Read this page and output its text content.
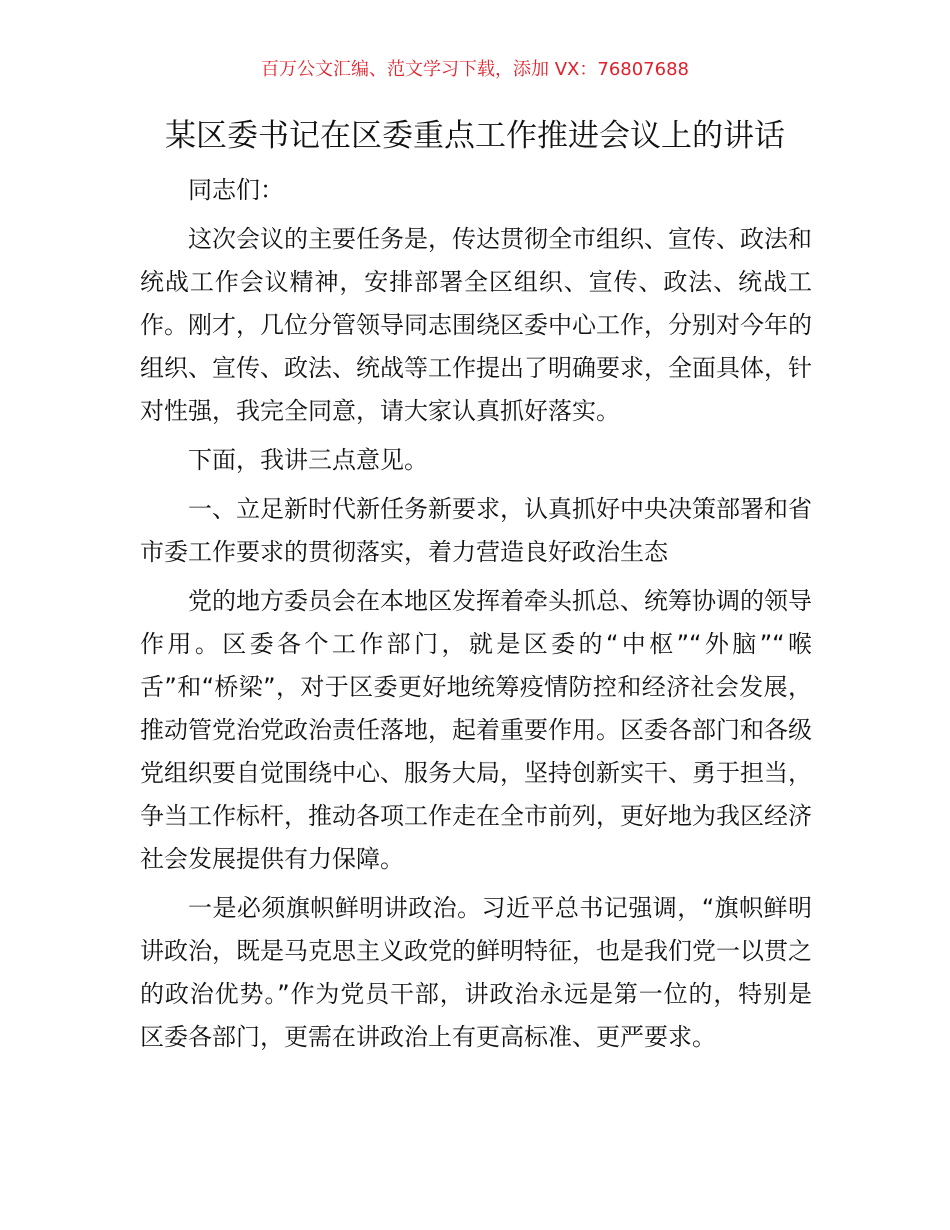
百万公文汇编、范文学习下载，添加 VX：76807688
某区委书记在区委重点工作推进会议上的讲话

同志们：

这次会议的主要任务是，传达贯彻全市组织、宣传、政法和统战工作会议精神，安排部署全区组织、宣传、政法、统战工作。刚才，几位分管领导同志围绕区委中心工作，分别对今年的组织、宣传、政法、统战等工作提出了明确要求，全面具体，针对性强，我完全同意，请大家认真抓好落实。

下面，我讲三点意见。

一、立足新时代新任务新要求，认真抓好中央决策部署和省市委工作要求的贯彻落实，着力营造良好政治生态

党的地方委员会在本地区发挥着牵头抓总、统筹协调的领导作用。区委各个工作部门，就是区委的“中枢”“外脑”“喉舌”和“桥梁”，对于区委更好地统筹疫情防控和经济社会发展，推动管党治党政治责任落地，起着重要作用。区委各部门和各级党组织要自觉围绕中心、服务大局，坚持创新实干、勇于担当，争当工作标杆，推动各项工作走在全市前列，更好地为我区经济社会发展提供有力保障。

一是必须旗帜鲜明讲政治。习近平总书记强调，“旗帜鲜明讲政治，既是马克思主义政党的鲜明特征，也是我们党一以贯之的政治优势。”作为党员干部，讲政治永远是第一位的，特别是区委各部门，更需在讲政治上有更高标准、更严要求。
